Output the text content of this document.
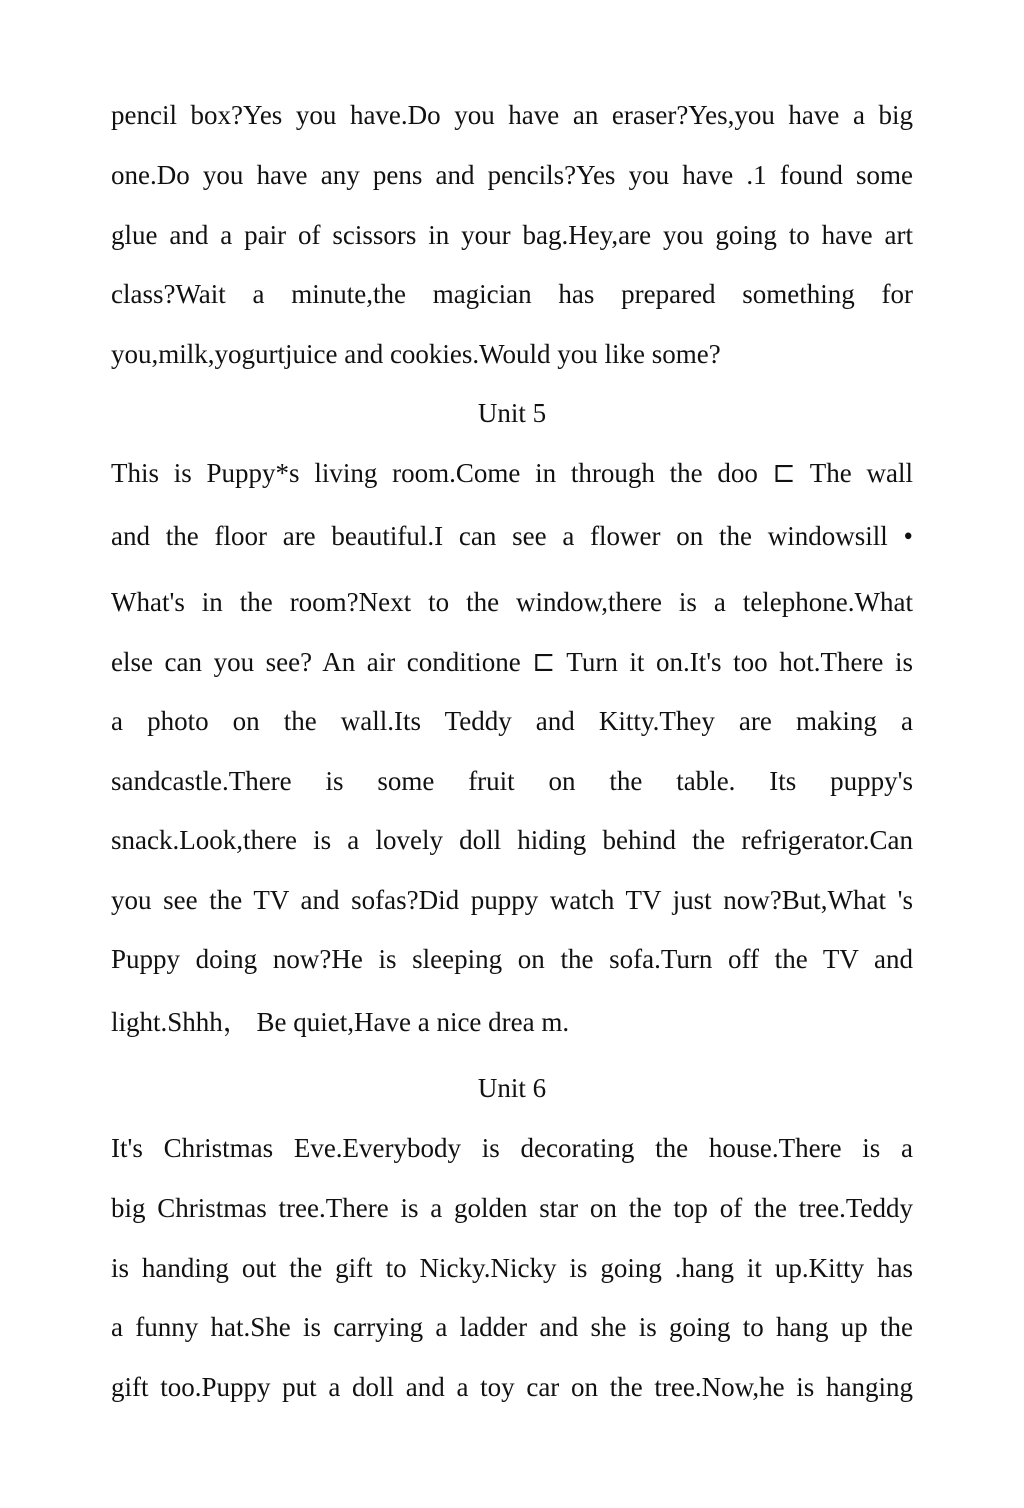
pencil box?Yes you have.Do you have an eraser?Yes,you have a big
one.Do you have any pens and pencils?Yes you have .1 found some
glue and a pair of scissors in your bag.Hey,are you going to have art
class?Wait a minute,the magician has prepared something for
you,milk,yogurtjuice and cookies.Would you like some?
Unit 5
This is Puppy*s living room.Come in through the doo ⊏ The wall
and the floor are beautiful.I can see a flower on the windowsill •
What's in the room?Next to the window,there is a telephone.What
else can you see? An air conditione ⊏ Turn it on.It's too hot.There is
a photo on the wall.Its Teddy and Kitty.They are making a
sandcastle.There is some fruit on the table. Its puppy's
snack.Look,there is a lovely doll hiding behind the refrigerator.Can
you see the TV and sofas?Did puppy watch TV just now?But,What 's
Puppy doing now?He is sleeping on the sofa.Turn off the TV and
light.Shhh， Be quiet,Have a nice drea m.
Unit 6
It's Christmas Eve.Everybody is decorating the house.There is a
big Christmas tree.There is a golden star on the top of the tree.Teddy
is handing out the gift to Nicky.Nicky is going .hang it up.Kitty has
a funny hat.She is carrying a ladder and she is going to hang up the
gift too.Puppy put a doll and a toy car on the tree.Now,he is hanging
